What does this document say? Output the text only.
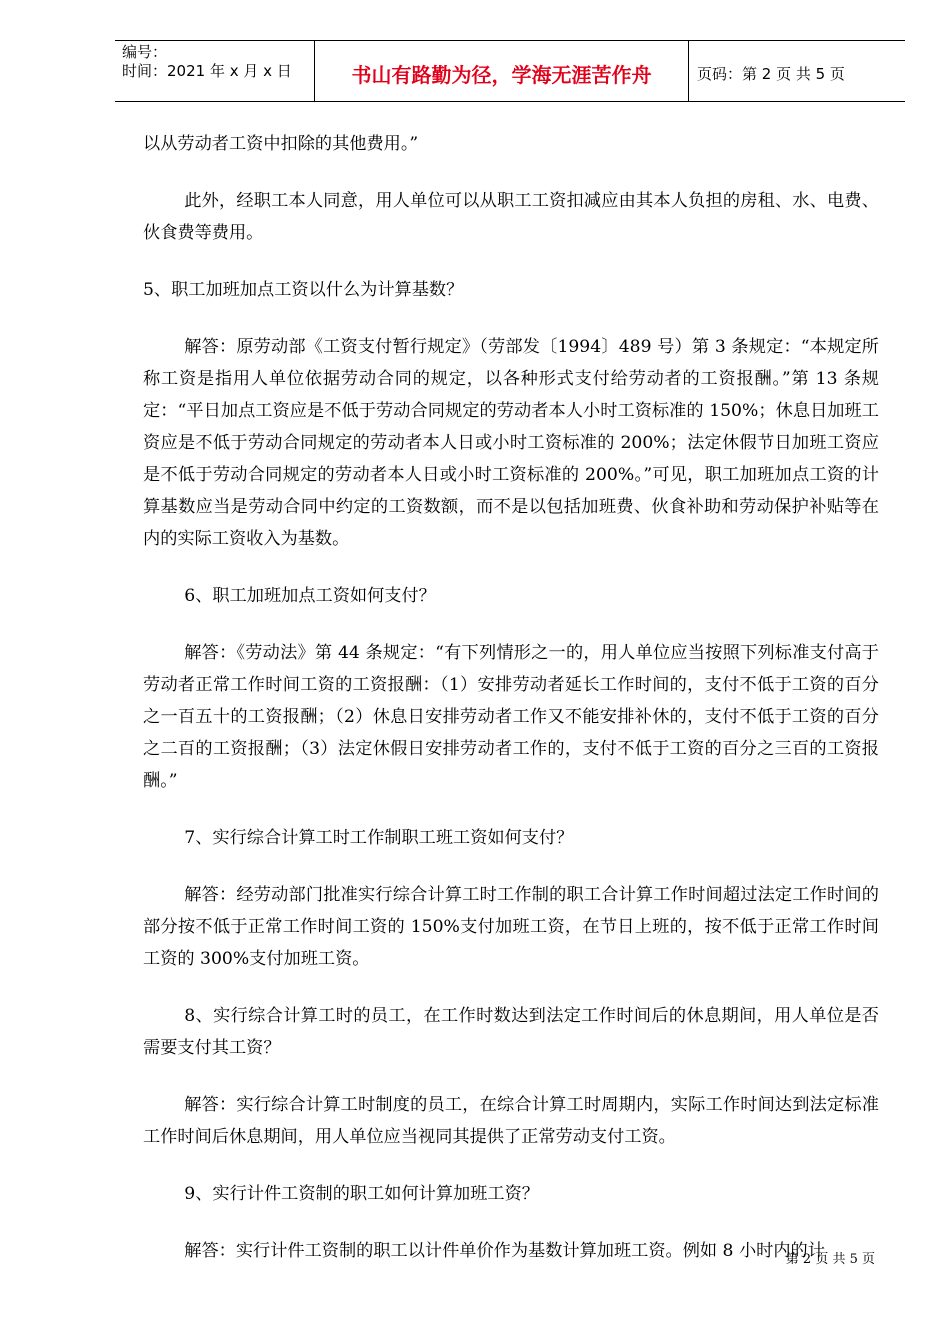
编号：
时间：2021 年 x 月 x 日	书山有路勤为径，学海无涯苦作舟	页码：第 2 页 共 5 页

以从劳动者工资中扣除的其他费用。”

此外，经职工本人同意，用人单位可以从职工工资扣减应由其本人负担的房租、水、电费、伙食费等费用。

5、职工加班加点工资以什么为计算基数？

解答：原劳动部《工资支付暂行规定》（劳部发〔1994〕489 号）第 3 条规定：“本规定所称工资是指用人单位依据劳动合同的规定，以各种形式支付给劳动者的工资报酬。”第 13 条规定：“平日加点工资应是不低于劳动合同规定的劳动者本人小时工资标准的 150%；休息日加班工资应是不低于劳动合同规定的劳动者本人日或小时工资标准的 200%；法定休假节日加班工资应是不低于劳动合同规定的劳动者本人日或小时工资标准的 200%。”可见，职工加班加点工资的计算基数应当是劳动合同中约定的工资数额，而不是以包括加班费、伙食补助和劳动保护补贴等在内的实际工资收入为基数。

6、职工加班加点工资如何支付？

解答：《劳动法》第 44 条规定：“有下列情形之一的，用人单位应当按照下列标准支付高于劳动者正常工作时间工资的工资报酬：（1）安排劳动者延长工作时间的，支付不低于工资的百分之一百五十的工资报酬；（2）休息日安排劳动者工作又不能安排补休的，支付不低于工资的百分之二百的工资报酬；（3）法定休假日安排劳动者工作的，支付不低于工资的百分之三百的工资报酬。”

7、实行综合计算工时工作制职工班工资如何支付？

解答：经劳动部门批准实行综合计算工时工作制的职工合计算工作时间超过法定工作时间的部分按不低于正常工作时间工资的 150%支付加班工资，在节日上班的，按不低于正常工作时间工资的 300%支付加班工资。

8、实行综合计算工时的员工，在工作时数达到法定工作时间后的休息期间，用人单位是否需要支付其工资？

解答：实行综合计算工时制度的员工，在综合计算工时周期内，实际工作时间达到法定标准工作时间后休息期间，用人单位应当视同其提供了正常劳动支付工资。

9、实行计件工资制的职工如何计算加班工资？

解答：实行计件工资制的职工以计件单价作为基数计算加班工资。例如 8 小时内的计

第 2 页 共 5 页
